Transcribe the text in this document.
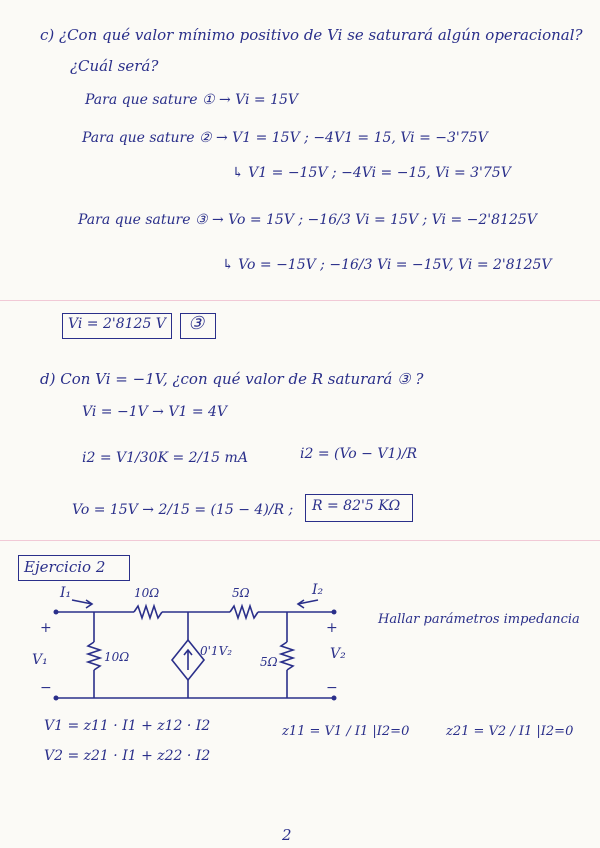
c) ¿Con qué valor mínimo positivo de Vi se saturará algún operacional?
¿Cuál será?
Para que sature ① → Vi = 15V
Para que sature ② → V1 = 15V ; −4V1 = 15, Vi = −3'75V
↳ V1 = −15V ; −4Vi = −15, Vi = 3'75V
Para que sature ③ → Vo = 15V ; −16/3 Vi = 15V ; Vi = −2'8125V
↳ Vo = −15V ; −16/3 Vi = −15V, Vi = 2'8125V
Vi = 2'8125 V ③
d) Con Vi = −1V, ¿con qué valor de R saturará ③ ?
Vi = −1V → V1 = 4V
i2 = V1/30K = 2/15 mA	i2 = (Vo − V1)/R
Vo = 15V → 2/15 = (15 − 4)/R ; R = 82'5 KΩ
Ejercicio 2
Hallar parámetros impedancia
I₁	I₂
10Ω	5Ω
10Ω	5Ω
0'1V₂
V₁	V₂
+
−
+
−
V1 = z11 · I1 + z12 · I2
V2 = z21 · I1 + z22 · I2
z11 = V1 / I1 |I2=0	z21 = V2 / I1 |I2=0
2
